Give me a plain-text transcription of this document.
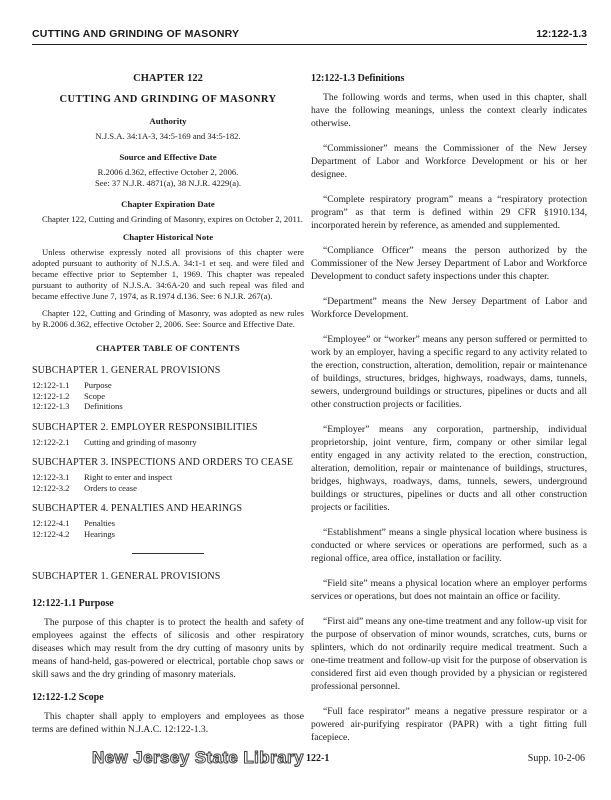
CUTTING AND GRINDING OF MASONRY	12:122-1.3
CHAPTER 122
CUTTING AND GRINDING OF MASONRY
Authority
N.J.S.A. 34:1A-3, 34:5-169 and 34:5-182.
Source and Effective Date
R.2006 d.362, effective October 2, 2006.
See: 37 N.J.R. 4871(a), 38 N.J.R. 4229(a).
Chapter Expiration Date
Chapter 122, Cutting and Grinding of Masonry, expires on October 2, 2011.
Chapter Historical Note
Unless otherwise expressly noted all provisions of this chapter were adopted pursuant to authority of N.J.S.A. 34:1-1 et seq. and were filed and became effective prior to September 1, 1969. This chapter was repealed pursuant to authority of N.J.S.A. 34:6A-20 and such repeal was filed and became effective June 7, 1974, as R.1974 d.136. See: 6 N.J.R. 267(a).
Chapter 122, Cutting and Grinding of Masonry, was adopted as new rules by R.2006 d.362, effective October 2, 2006. See: Source and Effective Date.
CHAPTER TABLE OF CONTENTS
SUBCHAPTER 1. GENERAL PROVISIONS
12:122-1.1	Purpose
12:122-1.2	Scope
12:122-1.3	Definitions
SUBCHAPTER 2. EMPLOYER RESPONSIBILITIES
12:122-2.1	Cutting and grinding of masonry
SUBCHAPTER 3. INSPECTIONS AND ORDERS TO CEASE
12:122-3.1	Right to enter and inspect
12:122-3.2	Orders to cease
SUBCHAPTER 4. PENALTIES AND HEARINGS
12:122-4.1	Penalties
12:122-4.2	Hearings
SUBCHAPTER 1. GENERAL PROVISIONS
12:122-1.1 Purpose
The purpose of this chapter is to protect the health and safety of employees against the effects of silicosis and other respiratory diseases which may result from the dry cutting of masonry units by means of hand-held, gas-powered or electrical, portable chop saws or skill saws and the dry grinding of masonry materials.
12:122-1.2 Scope
This chapter shall apply to employers and employees as those terms are defined within N.J.A.C. 12:122-1.3.
12:122-1.3 Definitions
The following words and terms, when used in this chapter, shall have the following meanings, unless the context clearly indicates otherwise.
“Commissioner” means the Commissioner of the New Jersey Department of Labor and Workforce Development or his or her designee.
“Complete respiratory program” means a “respiratory protection program” as that term is defined within 29 CFR §1910.134, incorporated herein by reference, as amended and supplemented.
“Compliance Officer” means the person authorized by the Commissioner of the New Jersey Department of Labor and Workforce Development to conduct safety inspections under this chapter.
“Department” means the New Jersey Department of Labor and Workforce Development.
“Employee” or “worker” means any person suffered or permitted to work by an employer, having a specific regard to any activity related to the erection, construction, alteration, demolition, repair or maintenance of buildings, structures, bridges, highways, roadways, dams, tunnels, sewers, underground buildings or structures, pipelines or ducts and all other construction projects or facilities.
“Employer” means any corporation, partnership, individual proprietorship, joint venture, firm, company or other similar legal entity engaged in any activity related to the erection, construction, alteration, demolition, repair or maintenance of buildings, structures, bridges, highways, roadways, dams, tunnels, sewers, underground buildings or structures, pipelines or ducts and all other construction projects or facilities.
“Establishment” means a single physical location where business is conducted or where services or operations are performed, such as a regional office, area office, installation or facility.
“Field site” means a physical location where an employer performs services or operations, but does not maintain an office or facility.
“First aid” means any one-time treatment and any follow-up visit for the purpose of observation of minor wounds, scratches, cuts, burns or splinters, which do not ordinarily require medical treatment. Such a one-time treatment and follow-up visit for the purpose of observation is considered first aid even though provided by a physician or registered professional personnel.
“Full face respirator” means a negative pressure respirator or a powered air-purifying respirator (PAPR) with a tight fitting full facepiece.
New Jersey State Library 122-1	Supp. 10-2-06
